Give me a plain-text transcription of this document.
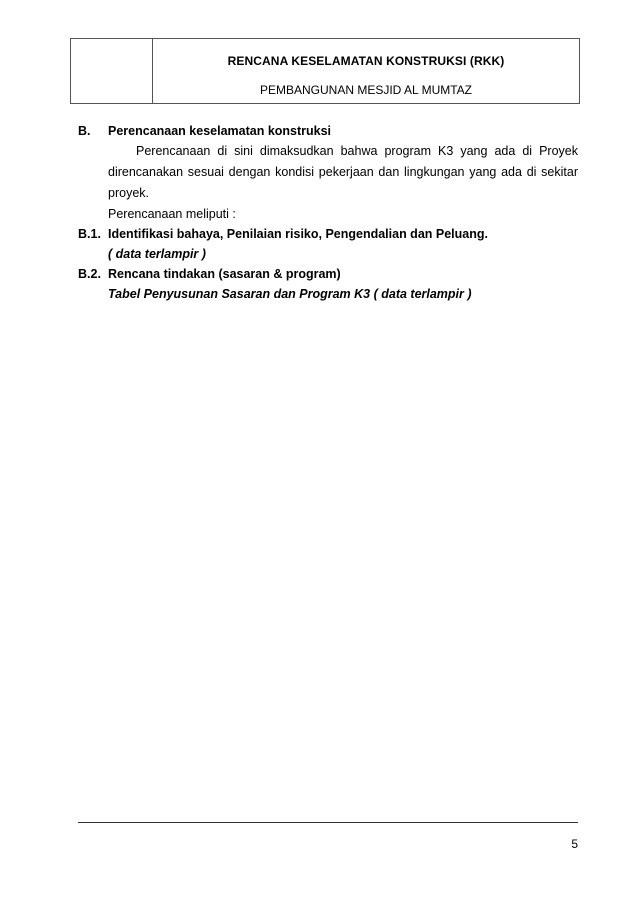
RENCANA KESELAMATAN KONSTRUKSI (RKK)
PEMBANGUNAN MESJID AL MUMTAZ
B.	Perencanaan keselamatan konstruksi

Perencanaan di sini dimaksudkan bahwa program K3 yang ada di Proyek direncanakan sesuai dengan kondisi pekerjaan dan lingkungan yang ada di sekitar proyek.

Perencanaan meliputi :
B.1. Identifikasi bahaya, Penilaian risiko, Pengendalian dan Peluang.
( data terlampir )
B.2. Rencana tindakan (sasaran & program)
Tabel Penyusunan Sasaran dan Program K3 ( data terlampir )
5
